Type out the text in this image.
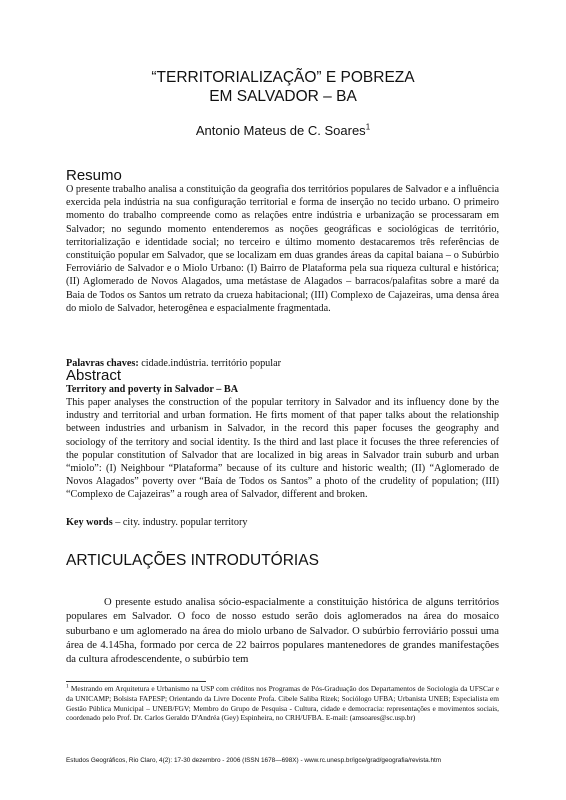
“TERRITORIALIZAÇÃO” E POBREZA
EM SALVADOR – BA
Antonio Mateus de C. Soares$^1$
Resumo

O presente trabalho analisa a constituição da geografia dos territórios populares de Salvador e a influência exercida pela indústria na sua configuração territorial e forma de inserção no tecido urbano. O primeiro momento do trabalho compreende como as relações entre indústria e urbanização se processaram em Salvador; no segundo momento entenderemos as noções geográficas e sociológicas de território, territorialização e identidade social; no terceiro e último momento destacaremos três referências de constituição popular em Salvador, que se localizam em duas grandes áreas da capital baiana – o Subúrbio Ferroviário de Salvador e o Miolo Urbano: (I) Bairro de Plataforma pela sua riqueza cultural e histórica; (II) Aglomerado de Novos Alagados, uma metástase de Alagados – barracos/palafitas sobre a maré da Baia de Todos os Santos um retrato da crueza habitacional; (III) Complexo de Cajazeiras, uma densa área do miolo de Salvador, heterogênea e espacialmente fragmentada.

Palavras chaves: cidade.indústria. território popular
Abstract
Territory and poverty in Salvador – BA

This paper analyses the construction of the popular territory in Salvador and its influency done by the industry and territorial and urban formation. He firts moment of that paper talks about the relationship between industries and urbanism in Salvador, in the record this paper focuses the geography and sociology of the territory and social identity. Is the third and last place it focuses the three referencies of the popular constitution of Salvador that are localized in big areas in Salvador train suburb and urban “miolo”: (I) Neighbour “Plataforma” because of its culture and historic wealth; (II) “Aglomerado de Novos Alagados” poverty over “Baía de Todos os Santos” a photo of the crudelity of population; (III) “Complexo de Cajazeiras” a rough area of Salvador, different and broken.

Key words – city. industry. popular territory
ARTICULAÇÕES INTRODUTÓRIAS

O presente estudo analisa sócio-espacialmente a constituição histórica de alguns territórios populares em Salvador. O foco de nosso estudo serão dois aglomerados na área do mosaico suburbano e um aglomerado na área do miolo urbano de Salvador. O subúrbio ferroviário possui uma área de 4.145ha, formado por cerca de 22 bairros populares mantenedores de grandes manifestações da cultura afrodescendente, o subúrbio tem

$^1$ Mestrando em Arquitetura e Urbanismo na USP com créditos nos Programas de Pós-Graduação dos Departamentos de Sociologia da UFSCar e da UNICAMP; Bolsista FAPESP; Orientando da Livre Docente Profa. Cibele Saliba Rizek; Sociólogo UFBA; Urbanista UNEB; Especialista em Gestão Pública Municipal – UNEB/FGV; Membro do Grupo de Pesquisa - Cultura, cidade e democracia: representações e movimentos sociais, coordenado pelo Prof. Dr. Carlos Geraldo D'Andréa (Gey) Espinheira, no CRH/UFBA. E-mail: (amsoares@sc.usp.br)

Estudos Geográficos, Rio Claro, 4(2): 17-30 dezembro - 2006 (ISSN 1678—698X) - www.rc.unesp.br/igce/grad/geografia/revista.htm
